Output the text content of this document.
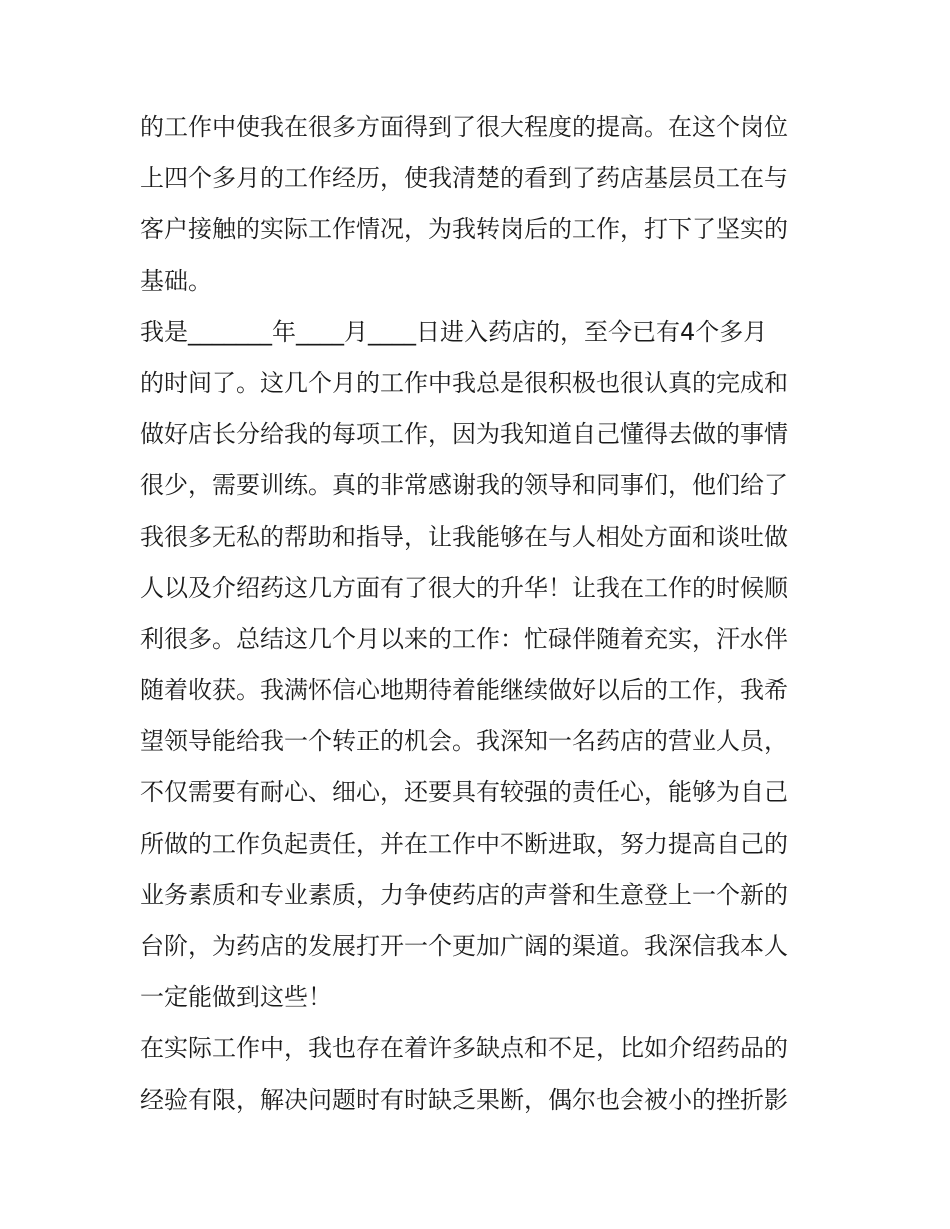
的工作中使我在很多方面得到了很大程度的提高。在这个岗位
上四个多月的工作经历，使我清楚的看到了药店基层员工在与
客户接触的实际工作情况，为我转岗后的工作，打下了坚实的
基础。
我是_______年____月____日进入药店的，至今已有4个多月
的时间了。这几个月的工作中我总是很积极也很认真的完成和
做好店长分给我的每项工作，因为我知道自己懂得去做的事情
很少，需要训练。真的非常感谢我的领导和同事们，他们给了
我很多无私的帮助和指导，让我能够在与人相处方面和谈吐做
人以及介绍药这几方面有了很大的升华！让我在工作的时候顺
利很多。总结这几个月以来的工作：忙碌伴随着充实，汗水伴
随着收获。我满怀信心地期待着能继续做好以后的工作，我希
望领导能给我一个转正的机会。我深知一名药店的营业人员，
不仅需要有耐心、细心，还要具有较强的责任心，能够为自己
所做的工作负起责任，并在工作中不断进取，努力提高自己的
业务素质和专业素质，力争使药店的声誉和生意登上一个新的
台阶，为药店的发展打开一个更加广阔的渠道。我深信我本人
一定能做到这些！
在实际工作中，我也存在着许多缺点和不足，比如介绍药品的
经验有限，解决问题时有时缺乏果断，偶尔也会被小的挫折影
